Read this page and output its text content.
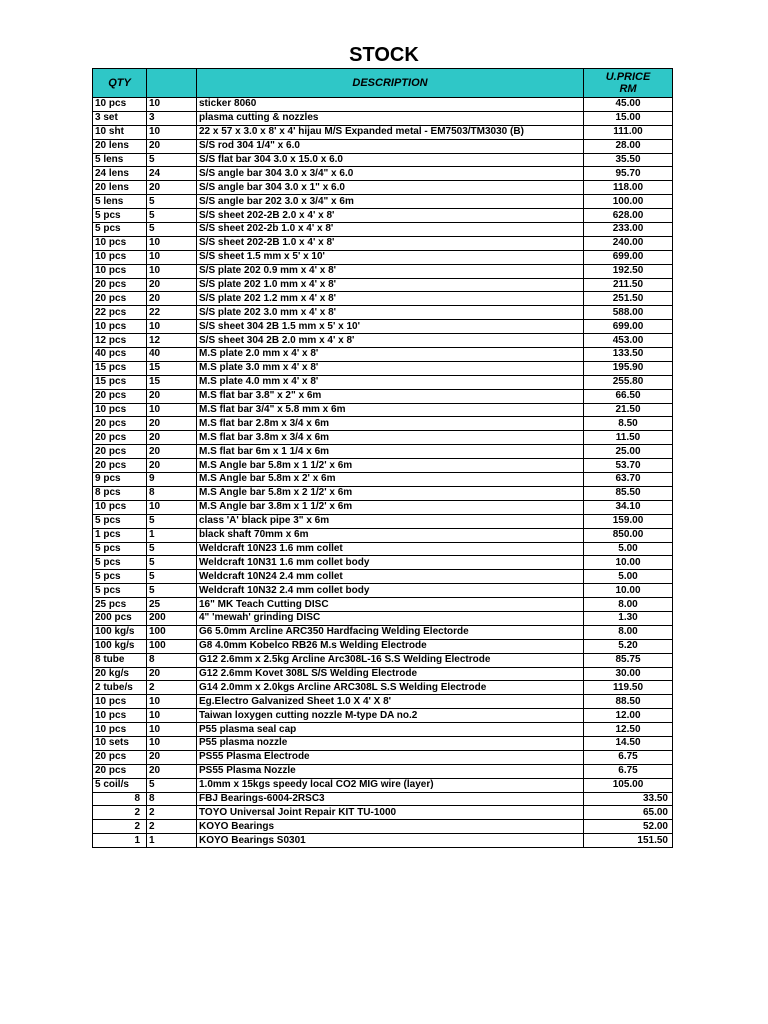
STOCK
QTY		DESCRIPTION	U.PRICE
RM
10 pcs	10	sticker 8060	45.00
3 set	3	plasma cutting & nozzles	15.00
10 sht	10	22 x 57 x 3.0 x 8' x 4' hijau M/S Expanded metal - EM7503/TM3030 (B)	111.00
20 lens	20	S/S rod 304 1/4" x 6.0	28.00
5 lens	5	S/S flat bar 304 3.0 x 15.0 x 6.0	35.50
24 lens	24	S/S angle bar 304 3.0 x 3/4" x 6.0	95.70
20 lens	20	S/S angle bar 304 3.0 x 1" x 6.0	118.00
5 lens	5	S/S angle bar 202 3.0 x 3/4" x 6m	100.00
5 pcs	5	S/S sheet 202-2B 2.0 x 4' x 8'	628.00
5 pcs	5	S/S sheet 202-2b 1.0 x 4' x 8'	233.00
10 pcs	10	S/S sheet 202-2B 1.0 x 4' x 8'	240.00
10 pcs	10	S/S sheet 1.5 mm x 5' x 10'	699.00
10 pcs	10	S/S plate 202 0.9 mm x 4' x 8'	192.50
20 pcs	20	S/S plate 202 1.0 mm x 4' x 8'	211.50
20 pcs	20	S/S plate 202 1.2 mm x 4' x 8'	251.50
22 pcs	22	S/S plate 202 3.0 mm x 4' x 8'	588.00
10 pcs	10	S/S sheet 304 2B 1.5 mm x 5' x 10'	699.00
12 pcs	12	S/S sheet 304 2B 2.0 mm x 4' x 8'	453.00
40 pcs	40	M.S plate 2.0 mm x 4' x 8'	133.50
15 pcs	15	M.S plate 3.0 mm x 4' x 8'	195.90
15 pcs	15	M.S plate 4.0 mm x 4' x 8'	255.80
20 pcs	20	M.S flat bar 3.8" x 2" x 6m	66.50
10 pcs	10	M.S flat bar 3/4" x 5.8 mm x 6m	21.50
20 pcs	20	M.S flat bar 2.8m x 3/4 x 6m	8.50
20 pcs	20	M.S flat bar 3.8m x 3/4 x 6m	11.50
20 pcs	20	M.S flat bar 6m x 1 1/4 x 6m	25.00
20 pcs	20	M.S Angle bar 5.8m x 1 1/2' x 6m	53.70
9 pcs	9	M.S Angle bar 5.8m x 2' x 6m	63.70
8 pcs	8	M.S Angle bar 5.8m x 2 1/2' x 6m	85.50
10 pcs	10	M.S Angle bar 3.8m x 1 1/2' x 6m	34.10
5 pcs	5	class 'A' black pipe 3" x 6m	159.00
1 pcs	1	black shaft 70mm x 6m	850.00
5 pcs	5	Weldcraft 10N23 1.6 mm collet	5.00
5 pcs	5	Weldcraft 10N31 1.6 mm collet body	10.00
5 pcs	5	Weldcraft 10N24 2.4 mm collet	5.00
5 pcs	5	Weldcraft 10N32 2.4 mm collet body	10.00
25 pcs	25	16" MK Teach Cutting DISC	8.00
200 pcs	200	4" 'mewah' grinding DISC	1.30
100 kg/s	100	G6 5.0mm Arcline ARC350 Hardfacing Welding Electorde	8.00
100 kg/s	100	G8 4.0mm Kobelco RB26 M.s Welding Electrode	5.20
8 tube	8	G12 2.6mm x 2.5kg Arcline Arc308L-16 S.S Welding Electrode	85.75
20 kg/s	20	G12 2.6mm Kovet 308L S/S Welding Electrode	30.00
2 tube/s	2	G14 2.0mm x 2.0kgs Arcline ARC308L S.S Welding Electrode	119.50
10 pcs	10	Eg.Electro Galvanized Sheet 1.0 X 4' X 8'	88.50
10 pcs	10	Taiwan loxygen cutting nozzle M-type DA no.2	12.00
10 pcs	10	P55 plasma seal cap	12.50
10 sets	10	P55 plasma nozzle	14.50
20 pcs	20	PS55 Plasma Electrode	6.75
20 pcs	20	PS55 Plasma Nozzle	6.75
5 coil/s	5	1.0mm x 15kgs speedy local CO2 MIG wire (layer)	105.00
8	8	FBJ Bearings-6004-2RSC3	33.50
2	2	TOYO Universal Joint Repair KIT TU-1000	65.00
2	2	KOYO Bearings	52.00
1	1	KOYO Bearings S0301	151.50
